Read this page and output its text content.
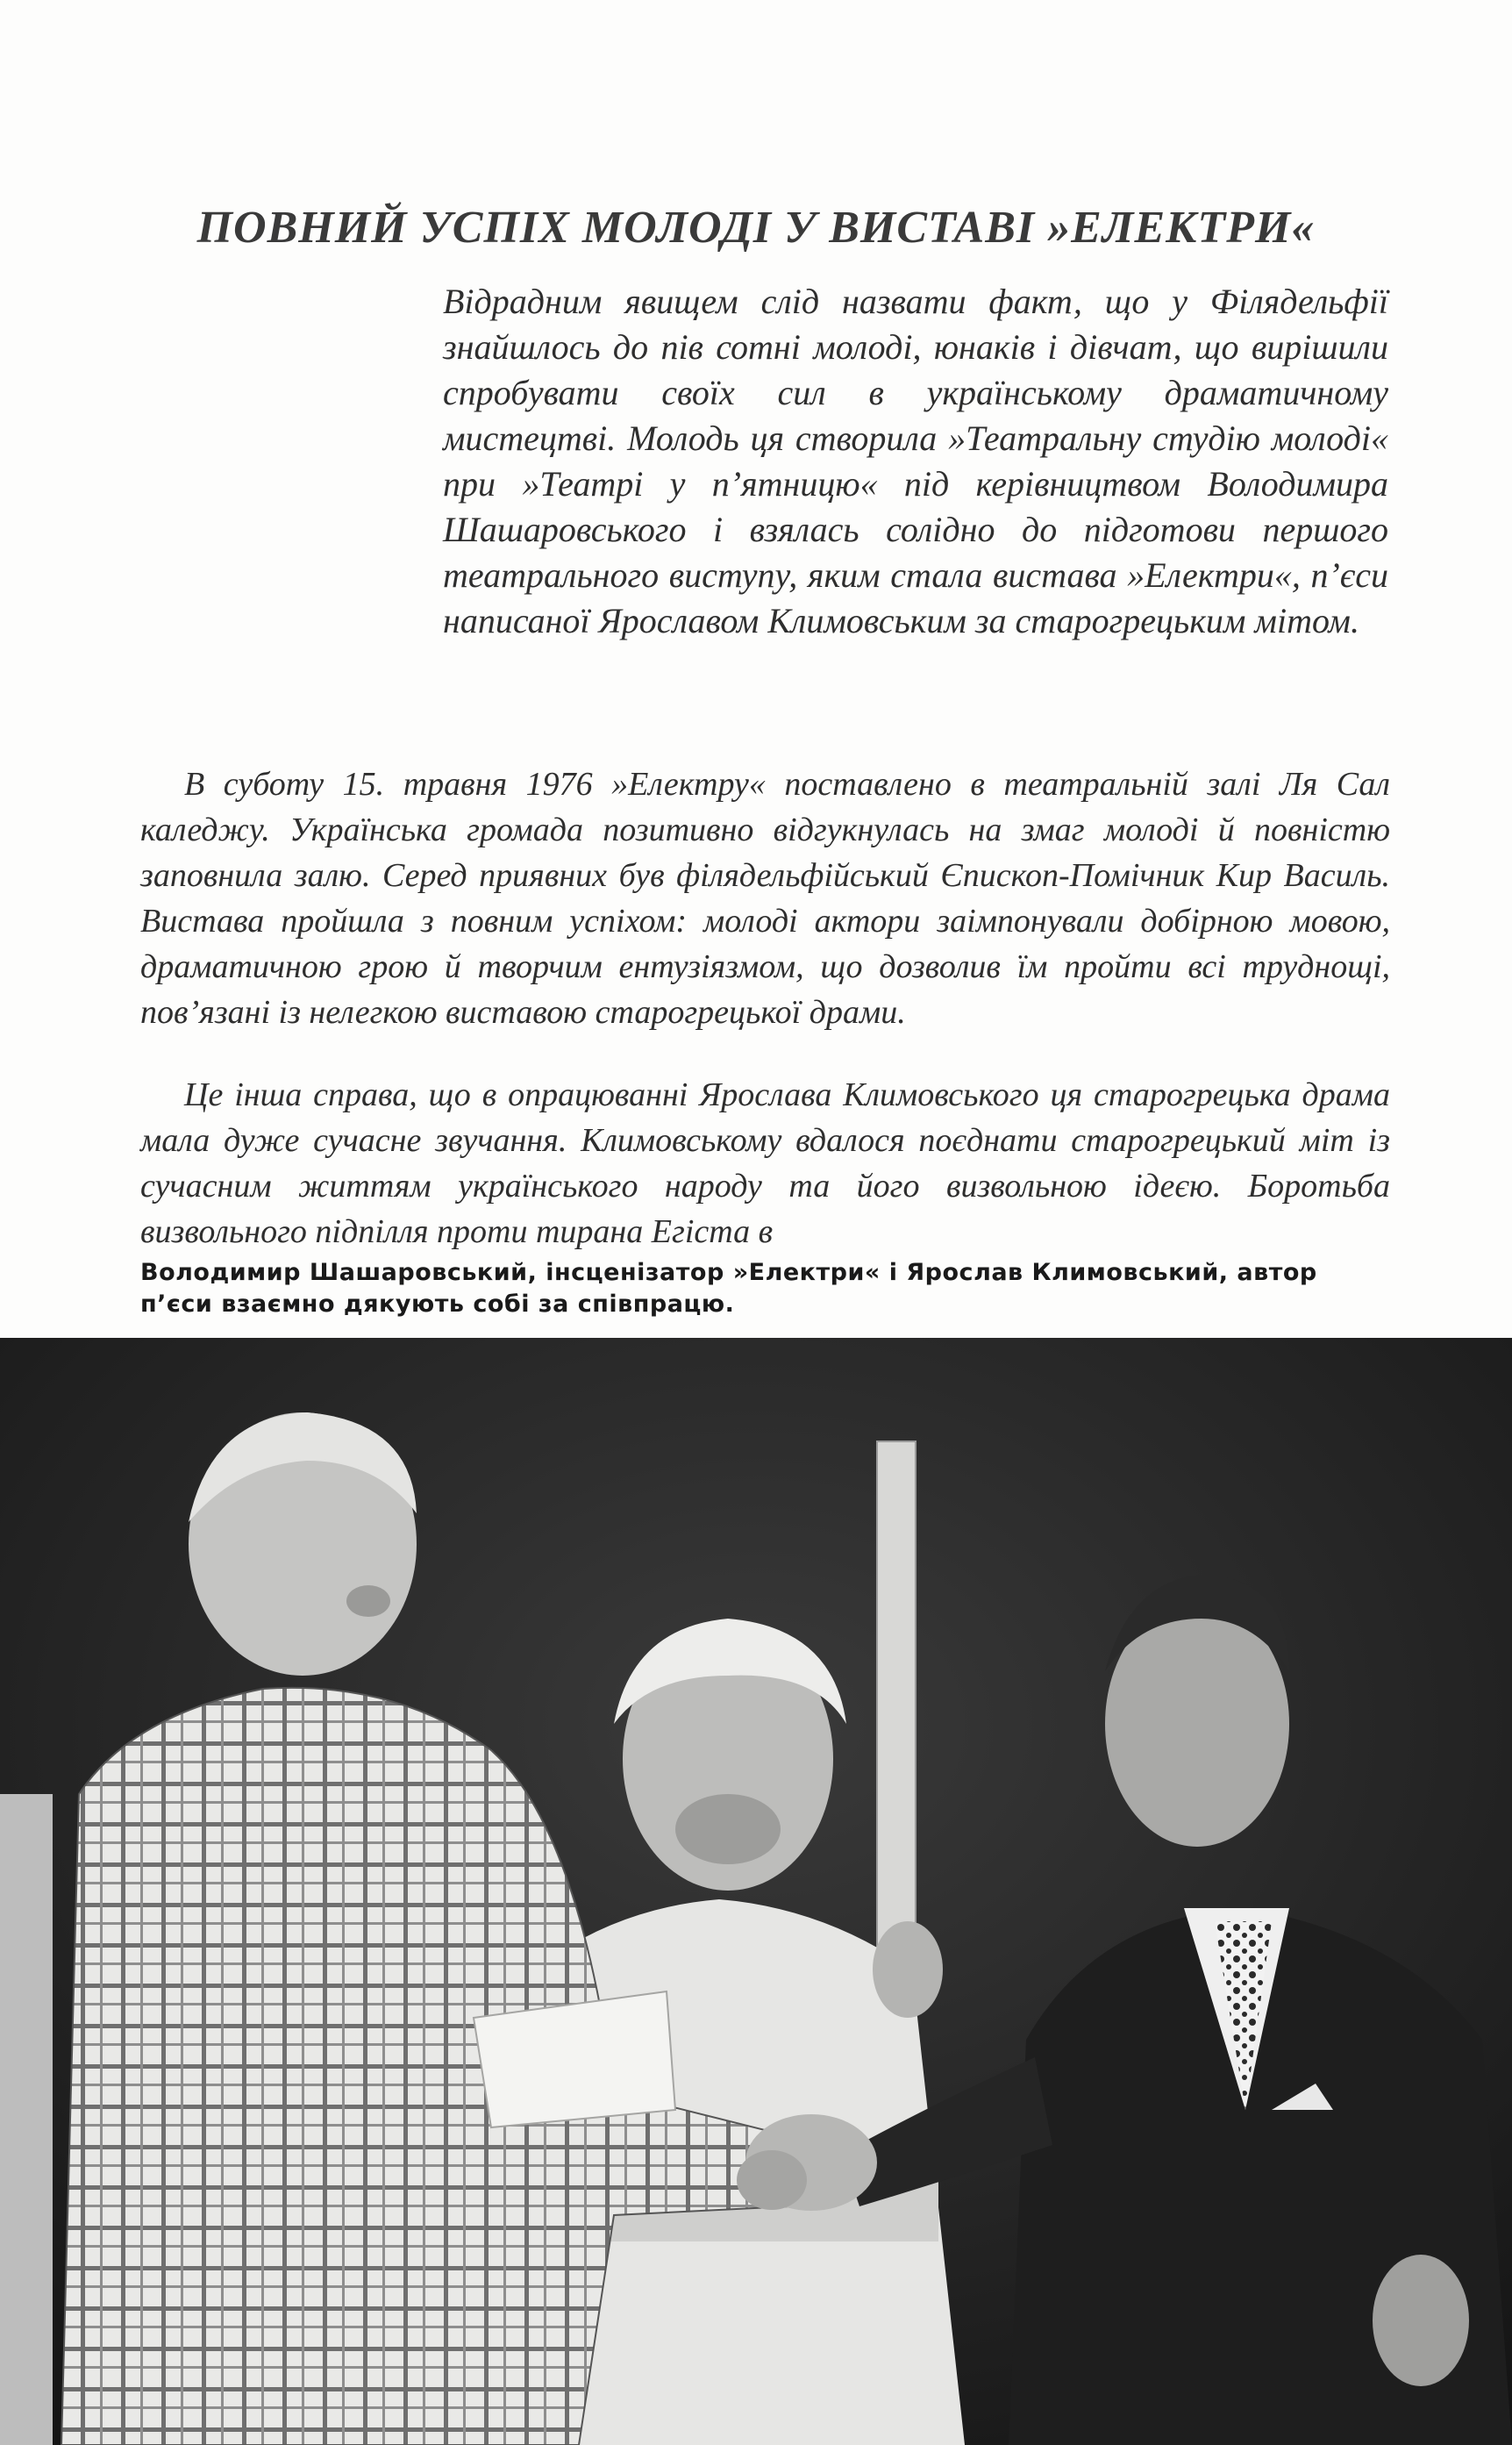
ПОВНИЙ УСПІХ МОЛОДІ У ВИСТАВІ »ЕЛЕКТРИ«

Відрадним явищем слід назвати факт, що у Філядельфії знайшлось до пів сотні молоді, юнаків і дівчат, що вирішили спробувати своїх сил в українському драматичному мистецтві. Молодь ця створила »Театральну студію молоді« при »Театрі у п’ятницю« під керівництвом Володимира Шашаровського і взялась солідно до підготови першого театрального виступу, яким стала вистава »Електри«, п’єси написаної Ярославом Климовським за старогрецьким мітом.

В суботу 15. травня 1976 »Електру« поставлено в театральній залі Ля Сал каледжу. Українська громада позитивно відгукнулась на змаг молоді й повністю заповнила залю. Серед приявних був філядельфійський Єпископ-Помічник Кир Василь. Вистава пройшла з повним успіхом: молоді актори заімпонували добірною мовою, драматичною грою й творчим ентузіязмом, що дозволив їм пройти всі труднощі, пов’язані із нелегкою виставою старогрецької драми.

Це інша справа, що в опрацюванні Ярослава Климовського ця старогрецька драма мала дуже сучасне звучання. Климовському вдалося поєднати старогрецький міт із сучасним життям українського народу та його визвольною ідеєю. Боротьба визвольного підпілля проти тирана Егіста в

Володимир Шашаровський, інсценізатор »Електри« і Ярослав Климовський, автор п’єси взаємно дякують собі за співпрацю.
